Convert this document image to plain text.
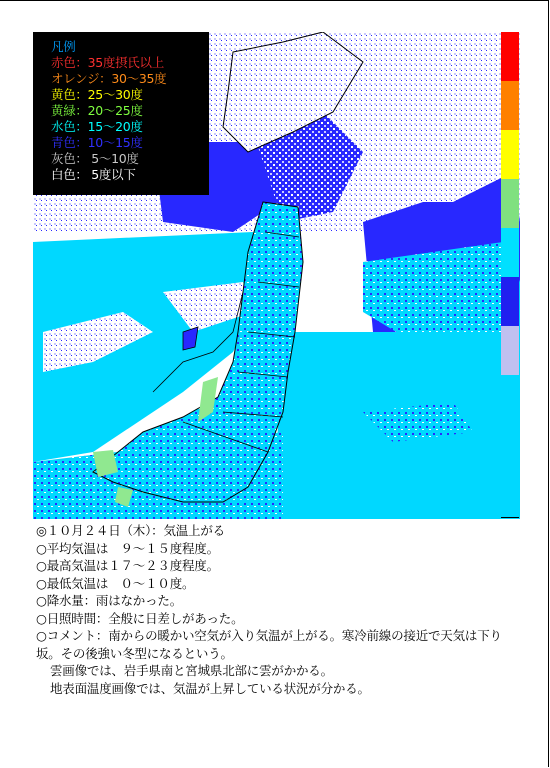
凡例
赤色：35度摂氏以上
オレンジ：30～35度
黄色：25～30度
黄緑：20～25度
水色：15～20度
青色：10～15度
灰色： 5～10度
白色： 5度以下
◎１０月２４日（木）：気温上がる
○平均気温は　９～１５度程度。
○最高気温は１７～２３度程度。
○最低気温は　０～１０度。
○降水量：雨はなかった。
○日照時間：全般に日差しがあった。
○コメント：南からの暖かい空気が入り気温が上がる。寒冷前線の接近で天気は下り坂。その後強い冬型になるという。
雲画像では、岩手県南と宮城県北部に雲がかかる。
地表面温度画像では、気温が上昇している状況が分かる。
